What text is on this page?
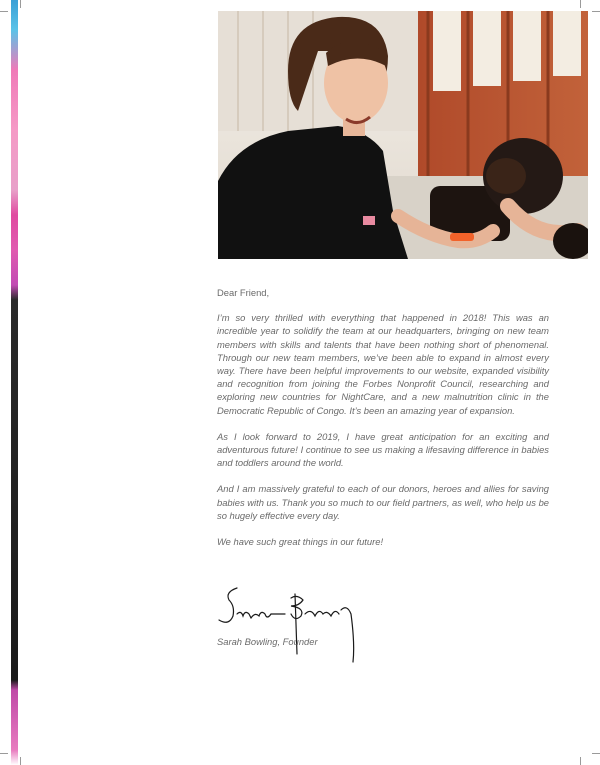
Dear Friend,

I’m so very thrilled with everything that happened in 2018! This was an incredible year to solidify the team at our headquarters, bringing on new team members with skills and talents that have been nothing short of phenomenal. Through our new team members, we’ve been able to expand in almost every way. There have been helpful improvements to our website, expanded visibility and recognition from joining the Forbes Nonprofit Council, researching and exploring new countries for NightCare, and a new malnutrition clinic in the Democratic Republic of Congo. It’s been an amazing year of expansion.

As I look forward to 2019, I have great anticipation for an exciting and adventurous future! I continue to see us making a lifesaving difference in babies and toddlers around the world.

And I am massively grateful to each of our donors, heroes and allies for saving babies with us. Thank you so much to our field partners, as well, who help us be so hugely effective every day.

We have such great things in our future!

Sarah Bowling, Founder
